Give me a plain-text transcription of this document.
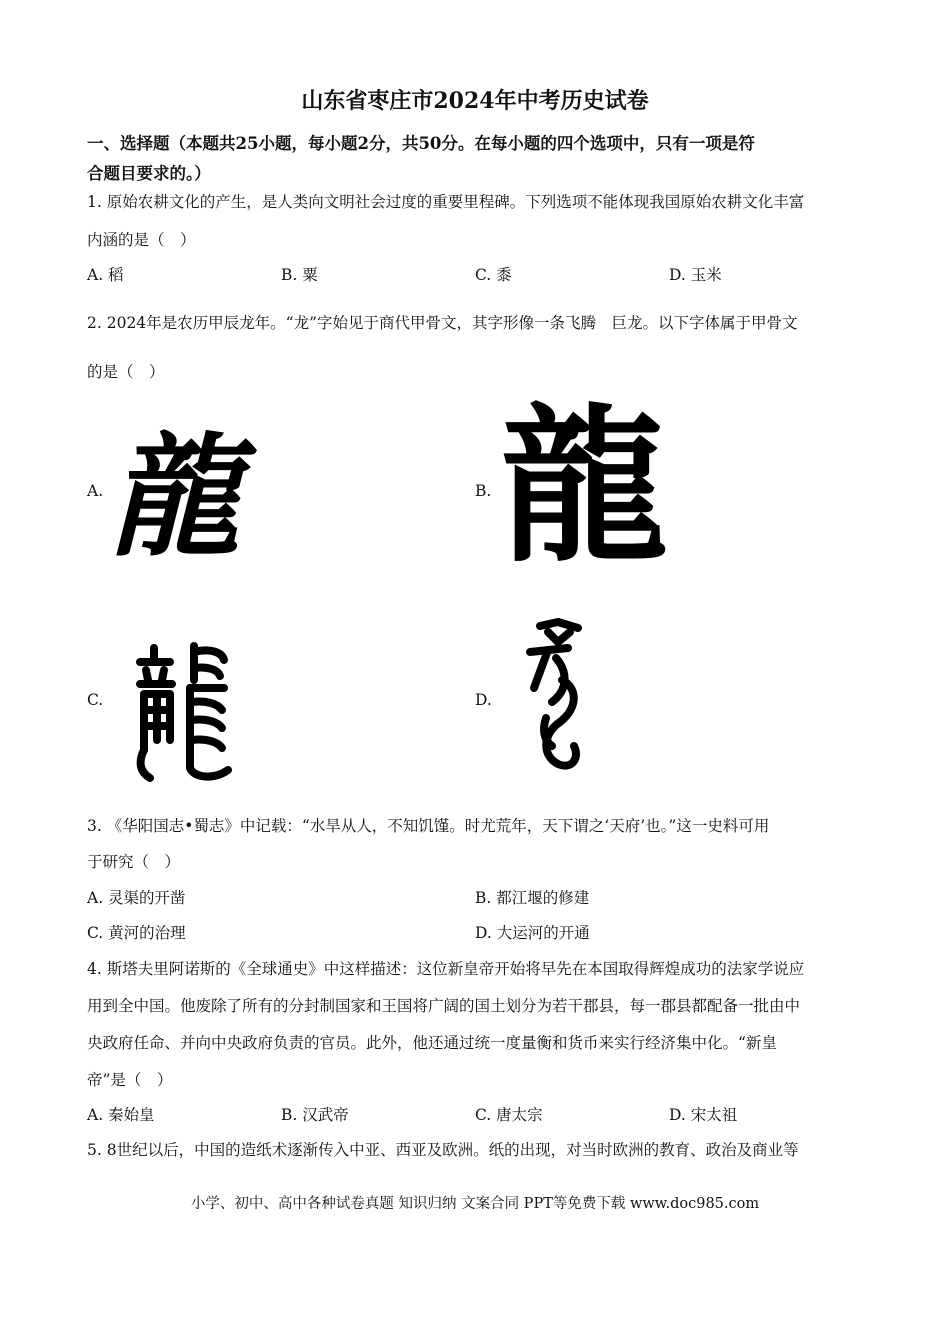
山东省枣庄市2024年中考历史试卷
一、选择题（本题共25小题，每小题2分，共50分。在每小题的四个选项中，只有一项是符
合题目要求的。）
1. 原始农耕文化的产生，是人类向文明社会过度的重要里程碑。下列选项不能体现我国原始农耕文化丰富
内涵的是（　）
A. 稻	B. 粟	C. 黍	D. 玉米
2. 2024年是农历甲辰龙年。“龙”字始见于商代甲骨文，其字形像一条飞腾　巨龙。以下字体属于甲骨文
的是（　）
A. 龍	B. 龍
C.	D.
3. 《华阳国志•蜀志》中记载：“水旱从人，不知饥馑。时尤荒年，天下谓之‘天府’也。”这一史料可用
于研究（　）
A. 灵渠的开凿	B. 都江堰的修建
C. 黄河的治理	D. 大运河的开通
4. 斯塔夫里阿诺斯的《全球通史》中这样描述：这位新皇帝开始将早先在本国取得辉煌成功的法家学说应
用到全中国。他废除了所有的分封制国家和王国将广阔的国土划分为若干郡县，每一郡县都配备一批由中
央政府任命、并向中央政府负责的官员。此外，他还通过统一度量衡和货币来实行经济集中化。“新皇
帝”是（　）
A. 秦始皇	B. 汉武帝	C. 唐太宗	D. 宋太祖
5. 8世纪以后，中国的造纸术逐渐传入中亚、西亚及欧洲。纸的出现，对当时欧洲的教育、政治及商业等
小学、初中、高中各种试卷真题 知识归纳 文案合同 PPT等免费下载 www.doc985.com
